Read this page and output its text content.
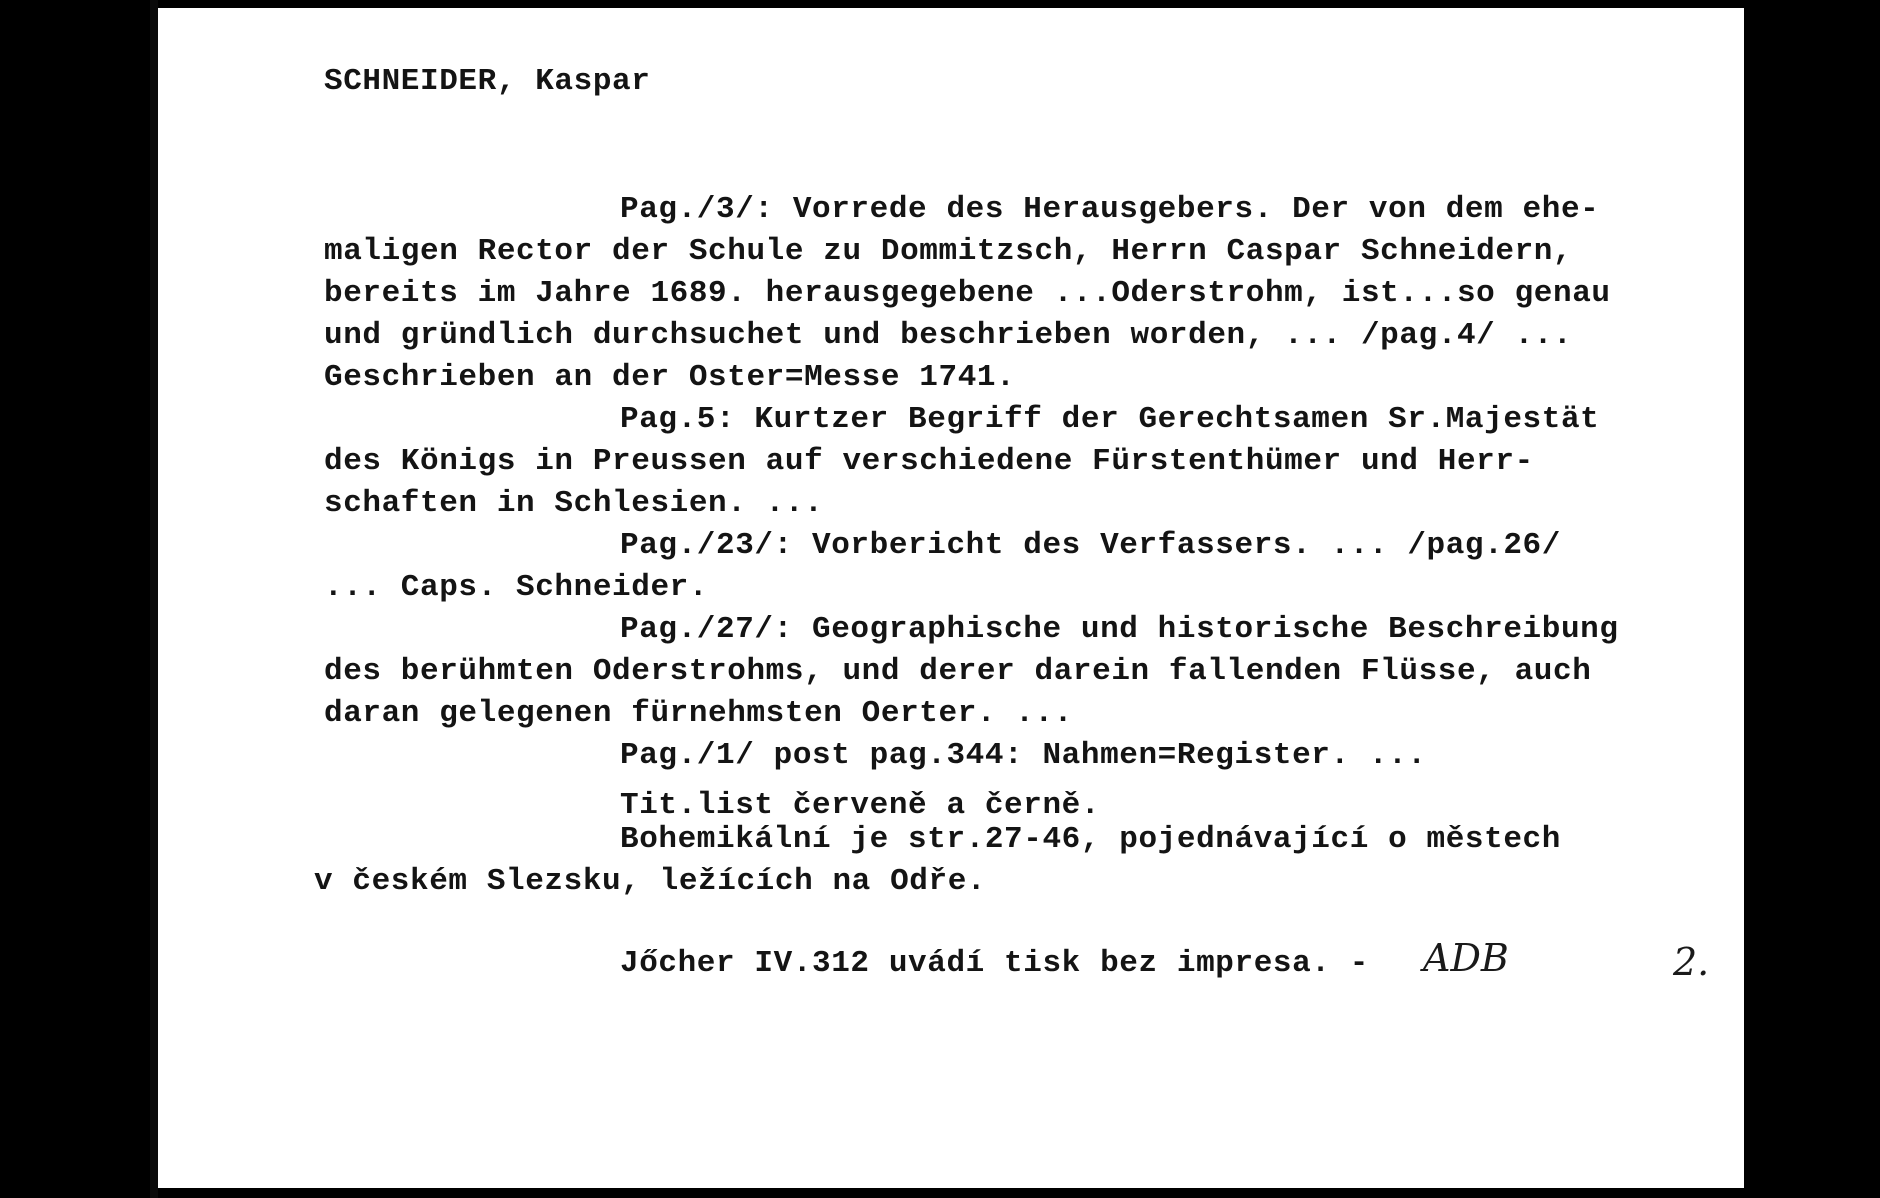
SCHNEIDER, Kaspar

Pag./3/: Vorrede des Herausgebers. Der von dem ehe-

maligen Rector der Schule zu Dommitzsch, Herrn Caspar Schneidern,

bereits im Jahre 1689. herausgegebene ...Oderstrohm, ist...so genau

und gründlich durchsuchet und beschrieben worden, ... /pag.4/ ...

Geschrieben an der Oster=Messe 1741.

Pag.5: Kurtzer Begriff der Gerechtsamen Sr.Majestät

des Königs in Preussen auf verschiedene Fürstenthümer und Herr-

schaften in Schlesien. ...

Pag./23/: Vorbericht des Verfassers. ... /pag.26/

... Caps. Schneider.

Pag./27/: Geographische und historische Beschreibung

des berühmten Oderstrohms, und derer darein fallenden Flüsse, auch

daran gelegenen fürnehmsten Oerter. ...

Pag./1/ post pag.344: Nahmen=Register. ...

Tit.list červeně a černě.

Bohemikální je str.27-46, pojednávající o městech

v českém Slezsku, ležících na Odře.

Jőcher IV.312 uvádí tisk bez impresa. - ADB	2.
